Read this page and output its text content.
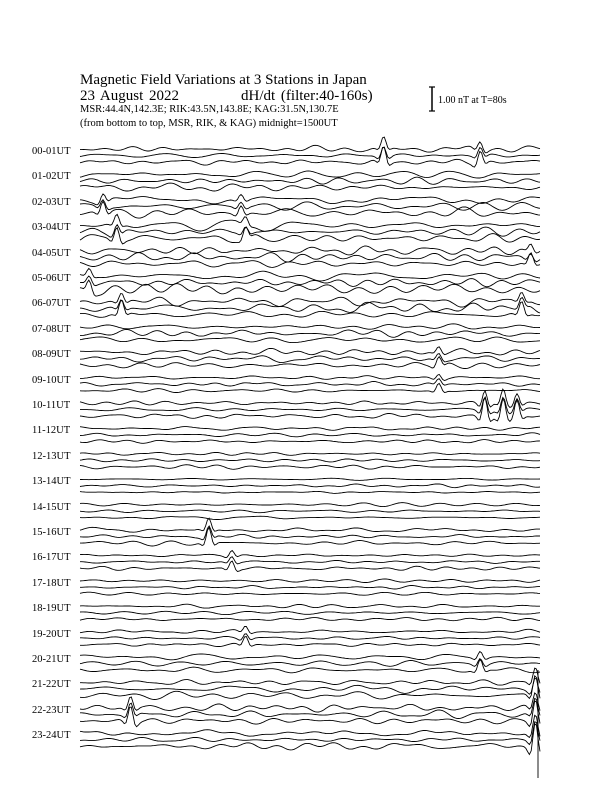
Magnetic Field Variations at 3 Stations in Japan
23 August 2022	dH/dt (filter:40-160s)
MSR:44.4N,142.3E; RIK:43.5N,143.8E; KAG:31.5N,130.7E
(from bottom to top, MSR, RIK, & KAG) midnight=1500UT
1.00 nT at T=80s
00-01UT
01-02UT
02-03UT
03-04UT
04-05UT
05-06UT
06-07UT
07-08UT
08-09UT
09-10UT
10-11UT
11-12UT
12-13UT
13-14UT
14-15UT
15-16UT
16-17UT
17-18UT
18-19UT
19-20UT
20-21UT
21-22UT
22-23UT
23-24UT
